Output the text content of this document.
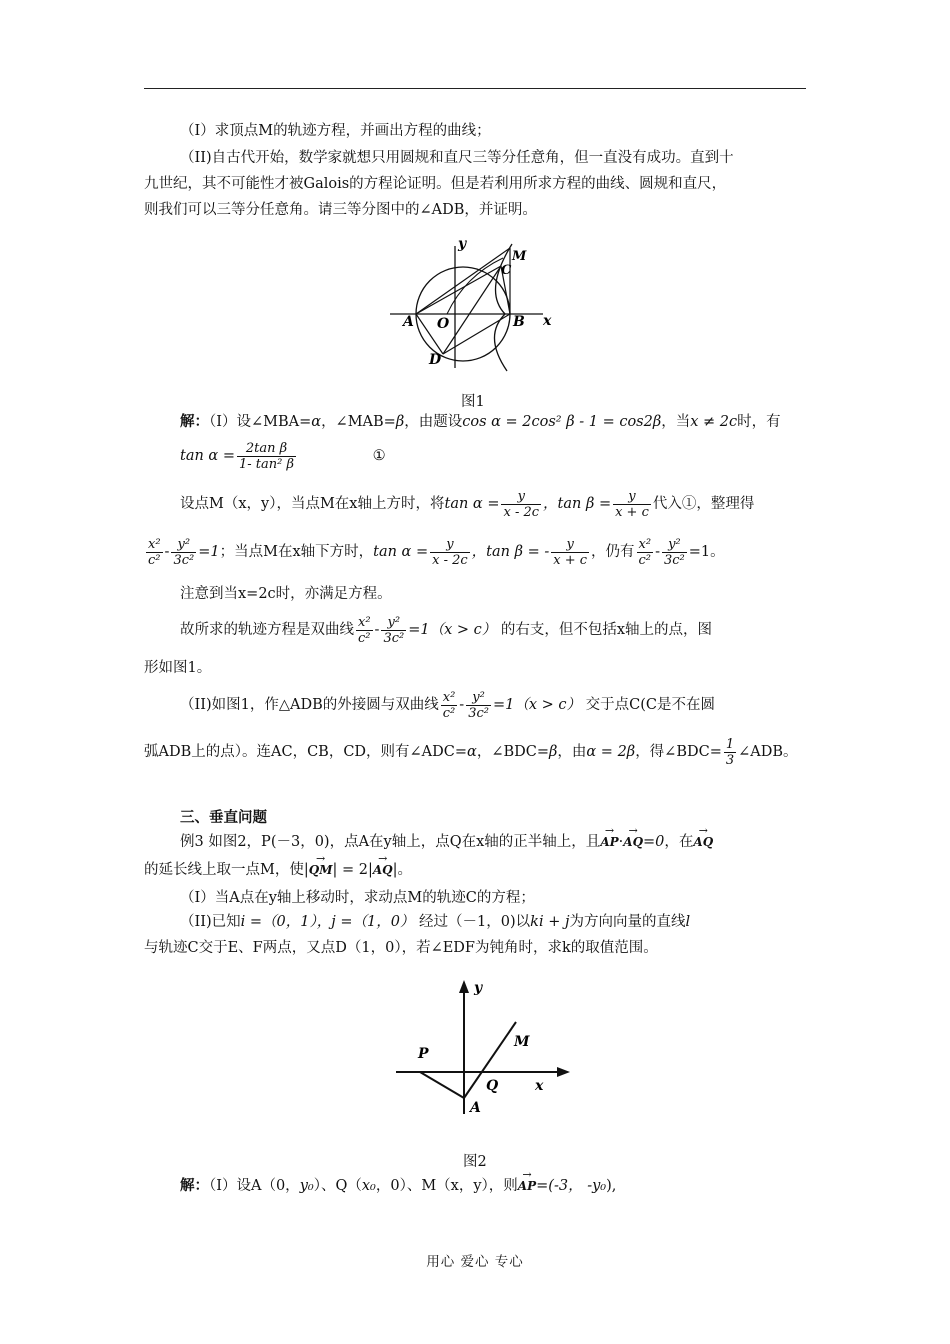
（I）求顶点M的轨迹方程，并画出方程的曲线；
（II)自古代开始，数学家就想只用圆规和直尺三等分任意角，但一直没有成功。直到十
九世纪，其不可能性才被Galois的方程论证明。但是若利用所求方程的曲线、圆规和直尺，
则我们可以三等分任意角。请三等分图中的∠ADB，并证明。
y
x
A O	B
C
M
D
图1
解：（I）设∠MBA=α，∠MAB=β，由题设cos α = 2cos² β - 1 = cos2β，当x ≠ 2c时，有
$\tan \alpha = \frac{\text{2tan β}}{\text{1- tan² β}}$	①
设点M（x，y），当点M在x轴上方时，将$\tan \alpha = \frac{y}{x - 2c}$ ，$\tan \beta = \frac{y}{x + c}$ 代入①，整理得
$\frac{\text{x²}}{\text{c²}} - \frac{\text{y²}}{\text{3c²}} =1$；当点M在x轴下方时，$\tan \alpha = \frac{y}{x - 2c}$ ，tan β = - $\frac{y}{x + c}$ ，仍有 $\frac{\text{x²}}{\text{c²}} - \frac{\text{y²}}{\text{3c²}} =1$。
注意到当x=2c时，亦满足方程。
故所求的轨迹方程是双曲线 $\frac{\text{x²}}{\text{c²}} - \frac{\text{y²}}{\text{3c²}} =1(x > c)$ 的右支，但不包括x轴上的点，图
形如图1。
（II)如图1，作△ADB的外接圆与双曲线 $\frac{\text{x²}}{\text{c²}} - \frac{\text{y²}}{\text{3c²}} =1(x > c)$ 交于点C(C是不在圆
弧ADB上的点）。连AC，CB，CD，则有∠ADC=α，∠BDC=β，由α = 2β，得∠BDC= $\frac{1}{3}$ ∠ADB。
三、垂直问题
例3 如图2，P(－3，0)，点A在y轴上，点Q在x轴的正半轴上，且→ AP·→ AQ=0，在→ AQ
的延长线上取一点M，使|→ QM| = 2|→ AQ|。
（I）当A点在y轴上移动时，求动点M的轨迹C的方程；
（II)已知i =（0，1），j =（1，0） 经过（－1，0)以ki + j为方向向量的直线l
与轨迹C交于E、F两点，又点D（1，0），若∠EDF为钝角时，求k的取值范围。
y
x
P
Q
M
A
图2
解：（I）设A（0，y₀）、Q（x₀，0）、M（x，y），则→ AP=(-3， -y₀),
用心 爱心 专心
